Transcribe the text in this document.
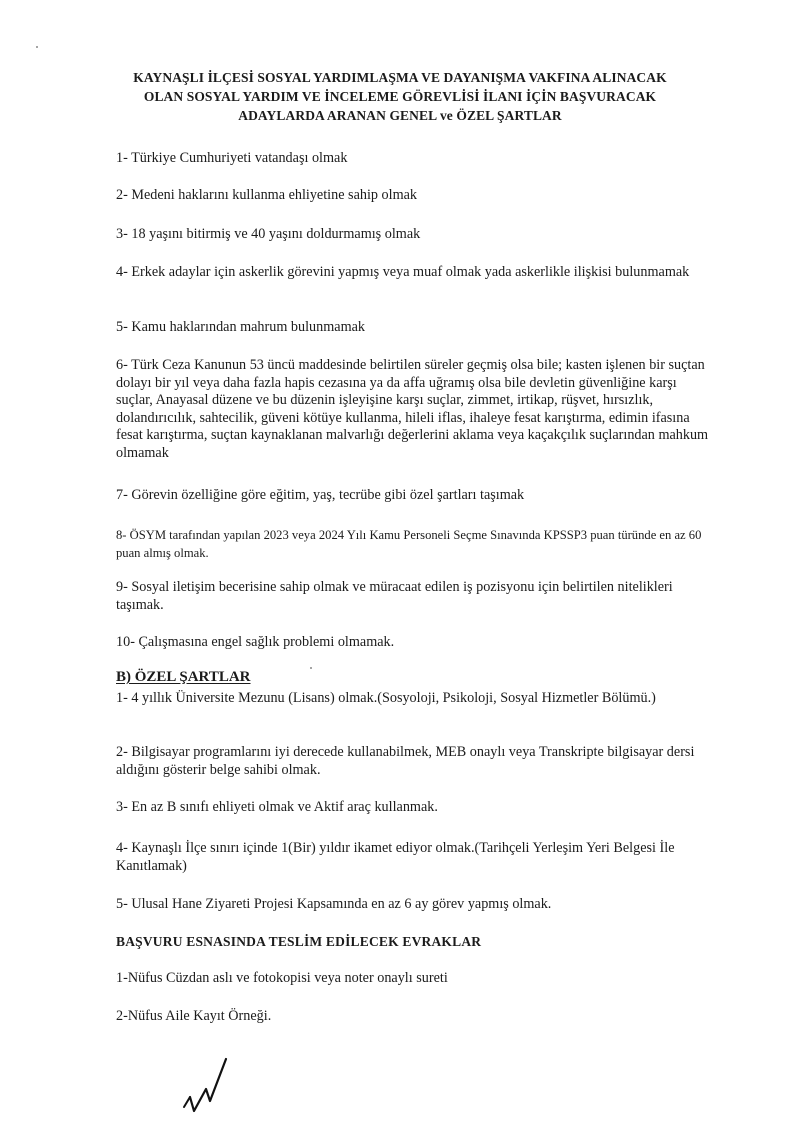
KAYNAŞLI İLÇESİ SOSYAL YARDIMLAŞMA VE DAYANIŞMA VAKFINA ALINACAK
OLAN SOSYAL YARDIM VE İNCELEME GÖREVLİSİ İLANI İÇİN BAŞVURACAK
ADAYLARDA ARANAN GENEL ve ÖZEL ŞARTLAR
1- Türkiye Cumhuriyeti vatandaşı olmak
2- Medeni haklarını kullanma ehliyetine sahip olmak
3- 18 yaşını bitirmiş ve 40 yaşını doldurmamış olmak
4- Erkek adaylar için askerlik görevini yapmış veya muaf olmak yada askerlikle ilişkisi bulunmamak
5- Kamu haklarından mahrum bulunmamak
6- Türk Ceza Kanunun 53 üncü maddesinde belirtilen süreler geçmiş olsa bile; kasten işlenen bir suçtan dolayı bir yıl veya daha fazla hapis cezasına ya da affa uğramış olsa bile devletin güvenliğine karşı suçlar, Anayasal düzene ve bu düzenin işleyişine karşı suçlar, zimmet, irtikap, rüşvet, hırsızlık, dolandırıcılık, sahtecilik, güveni kötüye kullanma, hileli iflas, ihaleye fesat karıştırma, edimin ifasına fesat karıştırma, suçtan kaynaklanan malvarlığı değerlerini aklama veya kaçakçılık suçlarından mahkum olmamak
7- Görevin özelliğine göre eğitim, yaş, tecrübe gibi özel şartları taşımak
8- ÖSYM tarafından yapılan 2023 veya 2024 Yılı Kamu Personeli Seçme Sınavında KPSSP3 puan türünde en az 60 puan almış olmak.
9- Sosyal iletişim becerisine sahip olmak ve müracaat edilen iş pozisyonu için belirtilen nitelikleri taşımak.
10- Çalışmasına engel sağlık problemi olmamak.
B) ÖZEL ŞARTLAR
1- 4 yıllık Üniversite Mezunu (Lisans) olmak.(Sosyoloji, Psikoloji, Sosyal Hizmetler Bölümü.)
2- Bilgisayar programlarını iyi derecede kullanabilmek, MEB onaylı veya Transkripte bilgisayar dersi aldığını gösterir belge sahibi olmak.
3- En az B sınıfı ehliyeti olmak ve Aktif araç kullanmak.
4- Kaynaşlı İlçe sınırı içinde 1(Bir) yıldır ikamet ediyor olmak.(Tarihçeli Yerleşim Yeri Belgesi İle Kanıtlamak)
5- Ulusal Hane Ziyareti Projesi Kapsamında en az 6 ay görev yapmış olmak.
BAŞVURU ESNASINDA TESLİM EDİLECEK EVRAKLAR
1-Nüfus Cüzdan aslı ve fotokopisi veya noter onaylı sureti
2-Nüfus Aile Kayıt Örneği.
